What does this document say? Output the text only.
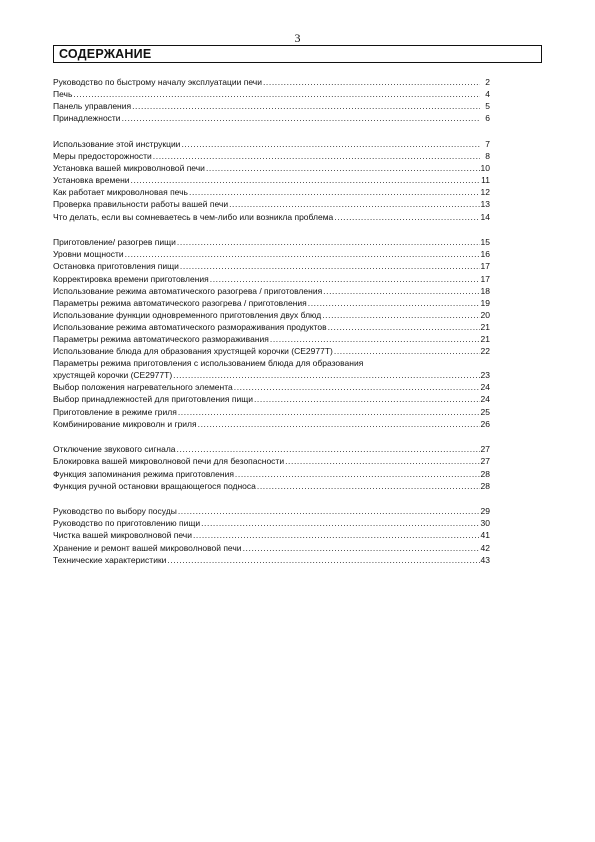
3
СОДЕРЖАНИЕ
Руководство по быстрому началу эксплуатации печи .....	2
Печь .....	4
Панель управления .....	5
Принадлежности .....	6
Использование этой инструкции .....	7
Меры предосторожности .....	8
Установка вашей микроволновой печи .....	10
Установка времени .....	11
Как работает микроволновая печь .....	12
Проверка правильности работы вашей печи .....	13
Что делать, если вы сомневаетесь в чем-либо или возникла проблема .....	14
Приготовление/ разогрев пищи .....	15
Уровни мощности .....	16
Остановка приготовления пищи .....	17
Корректировка времени приготовления .....	17
Использование режима автоматического разогрева / приготовления .....	18
Параметры режима автоматического разогрева / приготовления .....	19
Использование функции одновременного приготовления двух блюд .....	20
Использование режима автоматического размораживания продуктов .....	21
Параметры режима автоматического размораживания .....	21
Использование блюда для образования хрустящей корочки (CE2977T) .....	22
Параметры режима приготовления с использованием блюда для образования
хрустящей корочки (CE2977T) .....	23
Выбор положения нагревательного элемента .....	24
Выбор принадлежностей для приготовления пищи .....	24
Приготовление в режиме гриля .....	25
Комбинирование микроволн и гриля .....	26
Отключение звукового сигнала .....	27
Блокировка вашей микроволновой печи для безопасности .....	27
Функция запоминания режима приготовления .....	28
Функция ручной остановки вращающегося подноса .....	28
Руководство по выбору посуды .....	29
Руководство по приготовлению пищи .....	30
Чистка вашей микроволновой печи .....	41
Хранение и ремонт вашей микроволновой печи .....	42
Технические характеристики .....	43
